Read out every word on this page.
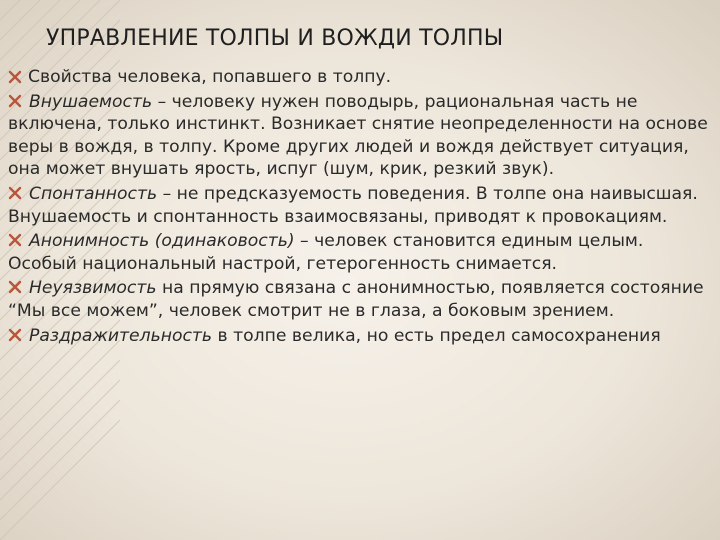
УПРАВЛЕНИЕ ТОЛПЫ И ВОЖДИ ТОЛПЫ
Свойства человека, попавшего в толпу.
Внушаемость – человеку нужен поводырь, рациональная часть не включена, только инстинкт. Возникает снятие неопределенности на основе веры в вождя, в толпу. Кроме других людей и вождя действует ситуация, она может внушать ярость, испуг (шум, крик, резкий звук).
Спонтанность – не предсказуемость поведения. В толпе она наивысшая. Внушаемость и спонтанность взаимосвязаны, приводят к провокациям.
Анонимность (одинаковость) – человек становится единым целым. Особый национальный настрой, гетерогенность снимается.
Неуязвимость на прямую связана с анонимностью, появляется состояние “Мы все можем”, человек смотрит не в глаза, а боковым зрением.
Раздражительность в толпе велика, но есть предел самосохранения
